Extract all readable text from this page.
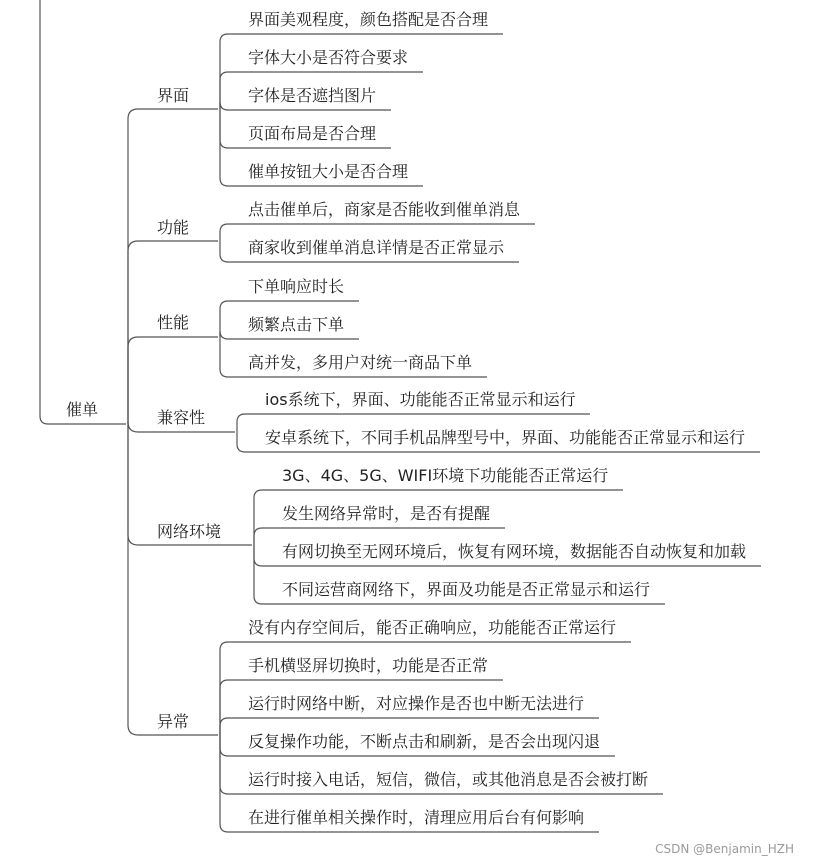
催单
界面
功能
性能
兼容性
网络环境
异常
界面美观程度，颜色搭配是否合理
字体大小是否符合要求
字体是否遮挡图片
页面布局是否合理
催单按钮大小是否合理
点击催单后，商家是否能收到催单消息
商家收到催单消息详情是否正常显示
下单响应时长
频繁点击下单
高并发，多用户对统一商品下单
ios系统下，界面、功能能否正常显示和运行
安卓系统下，不同手机品牌型号中，界面、功能能否正常显示和运行
3G、4G、5G、WIFI环境下功能能否正常运行
发生网络异常时，是否有提醒
有网切换至无网环境后，恢复有网环境，数据能否自动恢复和加载
不同运营商网络下，界面及功能是否正常显示和运行
没有内存空间后，能否正确响应，功能能否正常运行
手机横竖屏切换时，功能是否正常
运行时网络中断，对应操作是否也中断无法进行
反复操作功能，不断点击和刷新，是否会出现闪退
运行时接入电话，短信，微信，或其他消息是否会被打断
在进行催单相关操作时，清理应用后台有何影响
CSDN @Benjamin_HZH
